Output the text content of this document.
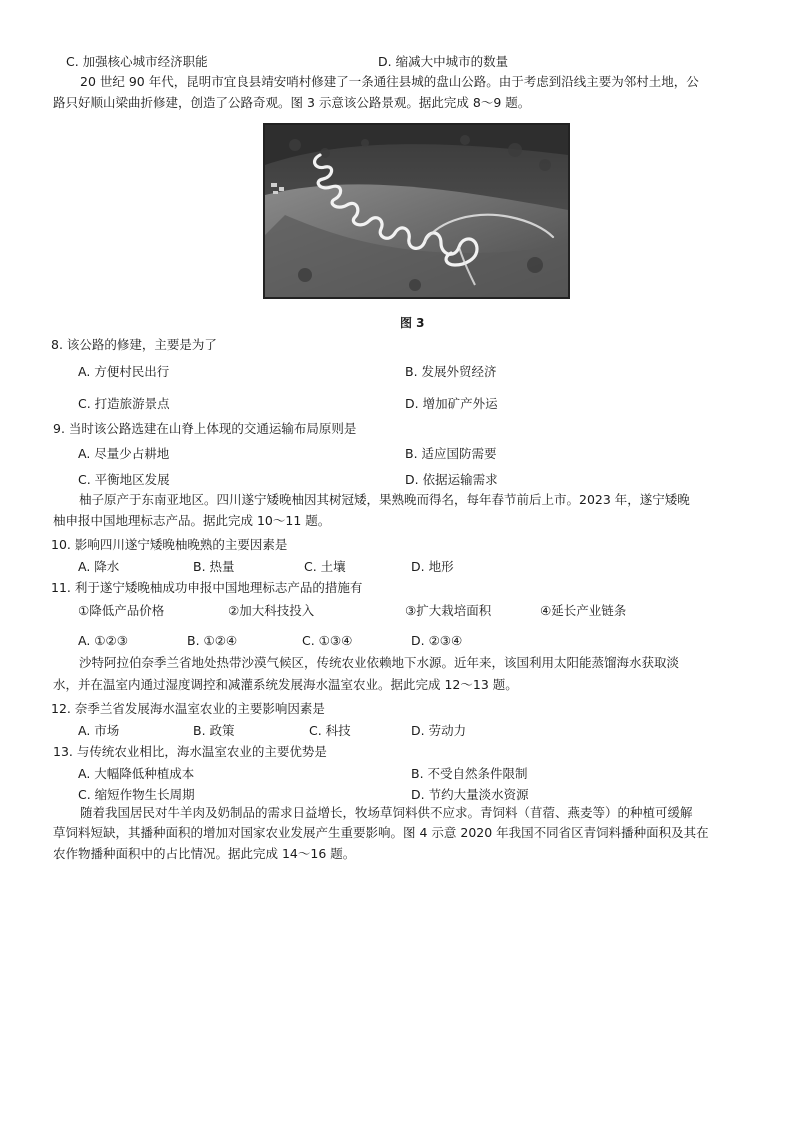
C. 加强核心城市经济职能	D. 缩减大中城市的数量
20 世纪 90 年代，昆明市宜良县靖安哨村修建了一条通往县城的盘山公路。由于考虑到沿线主要为邻村土地，公
路只好顺山梁曲折修建，创造了公路奇观。图 3 示意该公路景观。据此完成 8～9 题。
图 3
8. 该公路的修建，主要是为了
A. 方便村民出行	B. 发展外贸经济
C. 打造旅游景点	D. 增加矿产外运
9. 当时该公路选建在山脊上体现的交通运输布局原则是
A. 尽量少占耕地	B. 适应国防需要
C. 平衡地区发展	D. 依据运输需求
柚子原产于东南亚地区。四川遂宁矮晚柚因其树冠矮，果熟晚而得名，每年春节前后上市。2023 年，遂宁矮晚
柚申报中国地理标志产品。据此完成 10～11 题。
10. 影响四川遂宁矮晚柚晚熟的主要因素是
A. 降水	B. 热量	C. 土壤	D. 地形
11. 利于遂宁矮晚柚成功申报中国地理标志产品的措施有
①降低产品价格	②加大科技投入	③扩大栽培面积	④延长产业链条
A. ①②③	B. ①②④	C. ①③④	D. ②③④
沙特阿拉伯奈季兰省地处热带沙漠气候区，传统农业依赖地下水源。近年来，该国利用太阳能蒸馏海水获取淡
水，并在温室内通过湿度调控和减灌系统发展海水温室农业。据此完成 12～13 题。
12. 奈季兰省发展海水温室农业的主要影响因素是
A. 市场	B. 政策	C. 科技	D. 劳动力
13. 与传统农业相比，海水温室农业的主要优势是
A. 大幅降低种植成本	B. 不受自然条件限制
C. 缩短作物生长周期	D. 节约大量淡水资源
随着我国居民对牛羊肉及奶制品的需求日益增长，牧场草饲料供不应求。青饲料（苜蓿、燕麦等）的种植可缓解
草饲料短缺，其播种面积的增加对国家农业发展产生重要影响。图 4 示意 2020 年我国不同省区青饲料播种面积及其在
农作物播种面积中的占比情况。据此完成 14～16 题。
